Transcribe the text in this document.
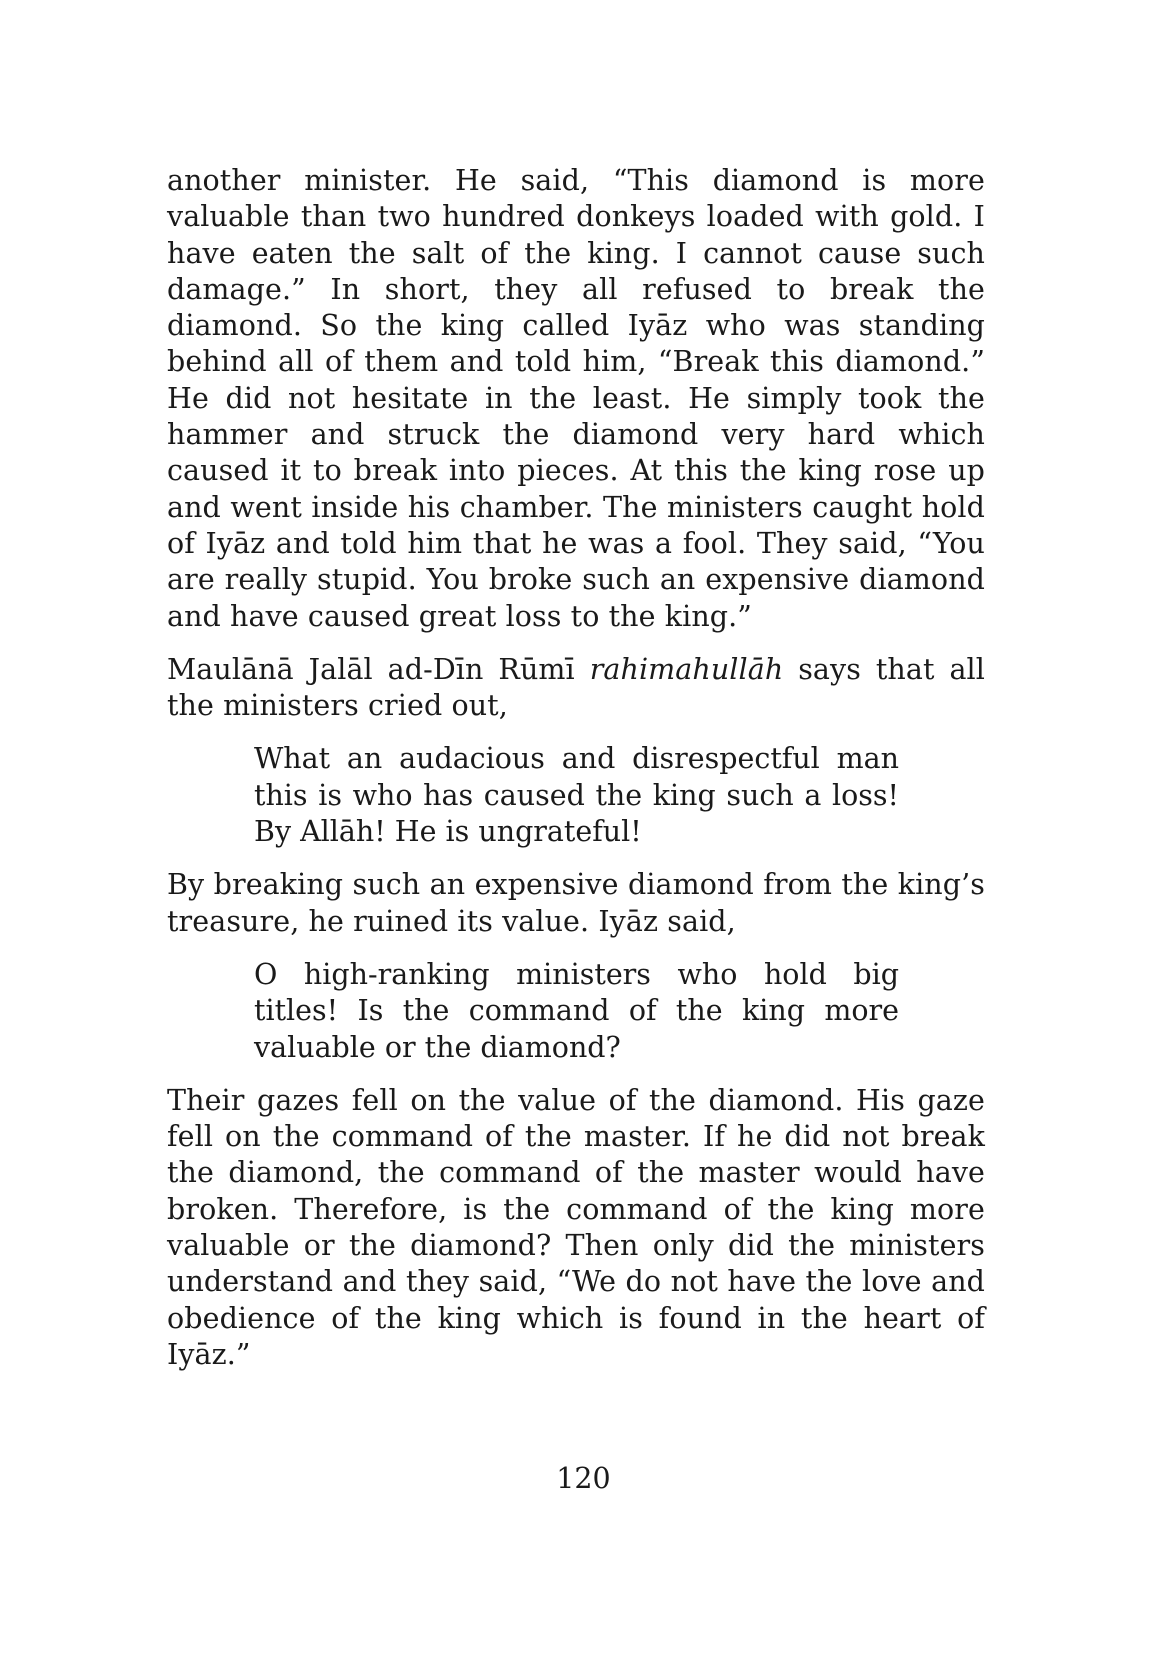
another minister. He said, “This diamond is more valuable than two hundred donkeys loaded with gold. I have eaten the salt of the king. I cannot cause such damage.” In short, they all refused to break the diamond. So the king called Iyāz who was standing behind all of them and told him, “Break this diamond.” He did not hesitate in the least. He simply took the hammer and struck the diamond very hard which caused it to break into pieces. At this the king rose up and went inside his chamber. The ministers caught hold of Iyāz and told him that he was a fool. They said, “You are really stupid. You broke such an expensive diamond and have caused great loss to the king.”

Maulānā Jalāl ad-Dīn Rūmī rahimahullāh says that all the ministers cried out,

What an audacious and disrespectful man this is who has caused the king such a loss! By Allāh! He is ungrateful!

By breaking such an expensive diamond from the king’s treasure, he ruined its value. Iyāz said,

O high-ranking ministers who hold big titles! Is the command of the king more valuable or the diamond?

Their gazes fell on the value of the diamond. His gaze fell on the command of the master. If he did not break the diamond, the command of the master would have broken. Therefore, is the command of the king more valuable or the diamond? Then only did the ministers understand and they said, “We do not have the love and obedience of the king which is found in the heart of Iyāz.”

120
